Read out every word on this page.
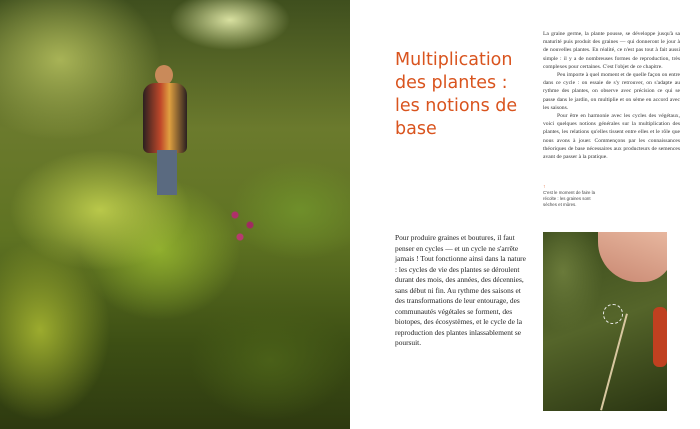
Multiplication des plantes : les notions de base

La graine germe, la plante pousse, se développe jusqu'à sa maturité puis produit des graines — qui donneront le jour à de nouvelles plantes. En réalité, ce n'est pas tout à fait aussi simple : il y a de nombreuses formes de reproduction, très complexes pour certaines. C'est l'objet de ce chapitre.

Peu importe à quel moment et de quelle façon on entre dans ce cycle : on essaie de s'y retrouver, on s'adapte au rythme des plantes, on observe avec précision ce qui se passe dans le jardin, on multiplie et on sème en accord avec les saisons.

Pour être en harmonie avec les cycles des végétaux, voici quelques notions générales sur la multiplication des plantes, les relations qu'elles tissent entre elles et le rôle que nous avons à jouer. Commençons par les connaissances théoriques de base nécessaires aux producteurs de semences avant de passer à la pratique.

↑
C'est le moment de faire la récolte : les graines sont sèches et mûres.

Pour produire graines et boutures, il faut penser en cycles — et un cycle ne s'arrête jamais ! Tout fonctionne ainsi dans la nature : les cycles de vie des plantes se déroulent durant des mois, des années, des décennies, sans début ni fin. Au rythme des saisons et des transformations de leur entourage, des communautés végétales se forment, des biotopes, des écosystèmes, et le cycle de la reproduction des plantes inlassablement se poursuit.
